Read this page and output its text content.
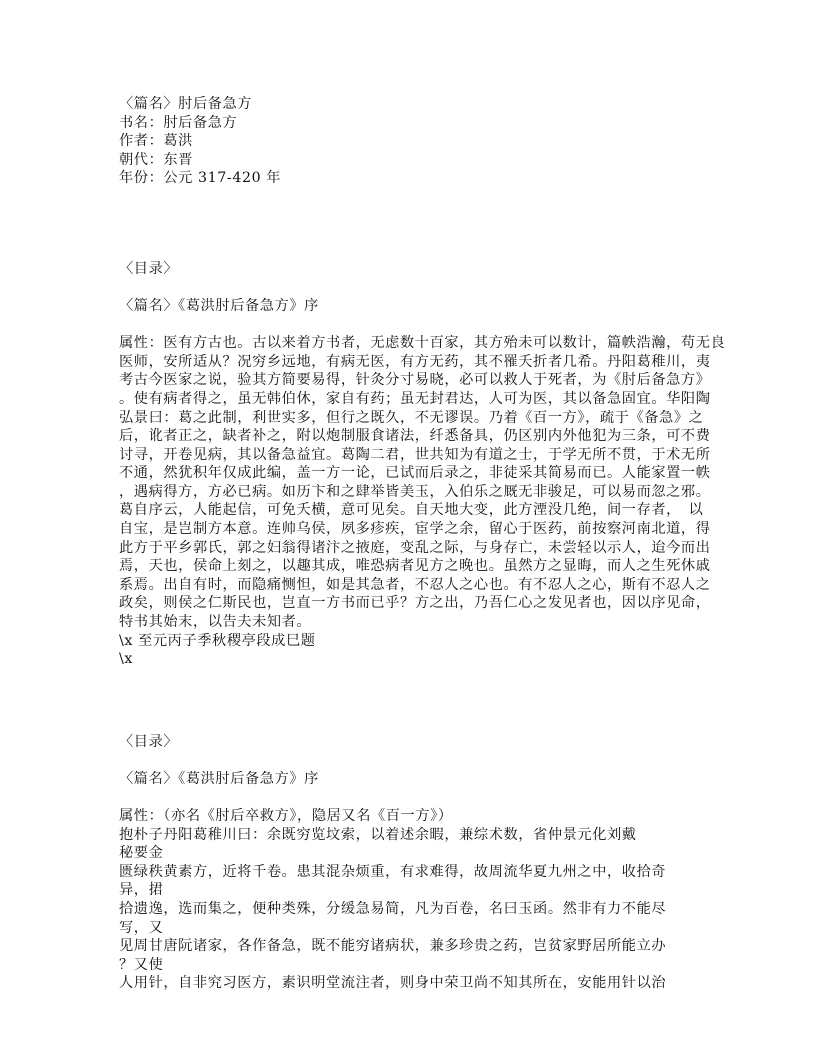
〈篇名〉肘后备急方
书名：肘后备急方
作者：葛洪
朝代：东晋
年份：公元 317-420 年
〈目录〉
〈篇名〉《葛洪肘后备急方》序
属性：医有方古也。古以来着方书者，无虑数十百家，其方殆未可以数计，篇帙浩瀚，苟无良
医师，安所适从？况穷乡远地，有病无医，有方无药，其不罹夭折者几希。丹阳葛稚川，夷
考古今医家之说，验其方简要易得，针灸分寸易晓，必可以救人于死者，为《肘后备急方》
。使有病者得之，虽无韩伯休，家自有药；虽无封君达，人可为医，其以备急固宜。华阳陶
弘景曰：葛之此制，利世实多，但行之既久，不无谬误。乃着《百一方》，疏于《备急》之
后，讹者正之，缺者补之，附以炮制服食诸法，纤悉备具，仍区别内外他犯为三条，可不费
讨寻，开卷见病，其以备急益宜。葛陶二君，世共知为有道之士，于学无所不贯，于术无所
不通，然犹积年仅成此编，盖一方一论，已试而后录之，非徒采其简易而已。人能家置一帙
，遇病得方，方必已病。如历卞和之肆举皆美玉，入伯乐之厩无非骏足，可以易而忽之邪。
葛自序云，人能起信，可免夭横，意可见矣。自天地大变，此方湮没几绝，间一存者，　以
自宝，是岂制方本意。连帅乌侯，夙多疹疾，宦学之余，留心于医药，前按察河南北道，得
此方于平乡郭氏，郭之妇翁得诸汴之掖庭，变乱之际，与身存亡，未尝轻以示人，迨今而出
焉，天也，侯命上刻之，以趣其成，唯恐病者见方之晚也。虽然方之显晦，而人之生死休戚
系焉。出自有时，而隐痛恻怛，如是其急者，不忍人之心也。有不忍人之心，斯有不忍人之
政矣，则侯之仁斯民也，岂直一方书而已乎？方之出，乃吾仁心之发见者也，因以序见命，
特书其始末，以告夫未知者。
\x 至元丙子季秋稷亭段成巳题
\x
〈目录〉
〈篇名〉《葛洪肘后备急方》序
属性：（亦名《肘后卒救方》，隐居又名《百一方》）
抱朴子丹阳葛稚川曰：余既穷览坟索，以着述余暇，兼综术数，省仲景元化刘戴
秘要金
匮绿秩黄素方，近将千卷。患其混杂烦重，有求难得，故周流华夏九州之中，收拾奇
异，捃
拾遗逸，选而集之，便种类殊，分缓急易简，凡为百卷，名曰玉函。然非有力不能尽
写，又
见周甘唐阮诸家，各作备急，既不能穷诸病状，兼多珍贵之药，岂贫家野居所能立办
？又使
人用针，自非究习医方，素识明堂流注者，则身中荣卫尚不知其所在，安能用针以治
